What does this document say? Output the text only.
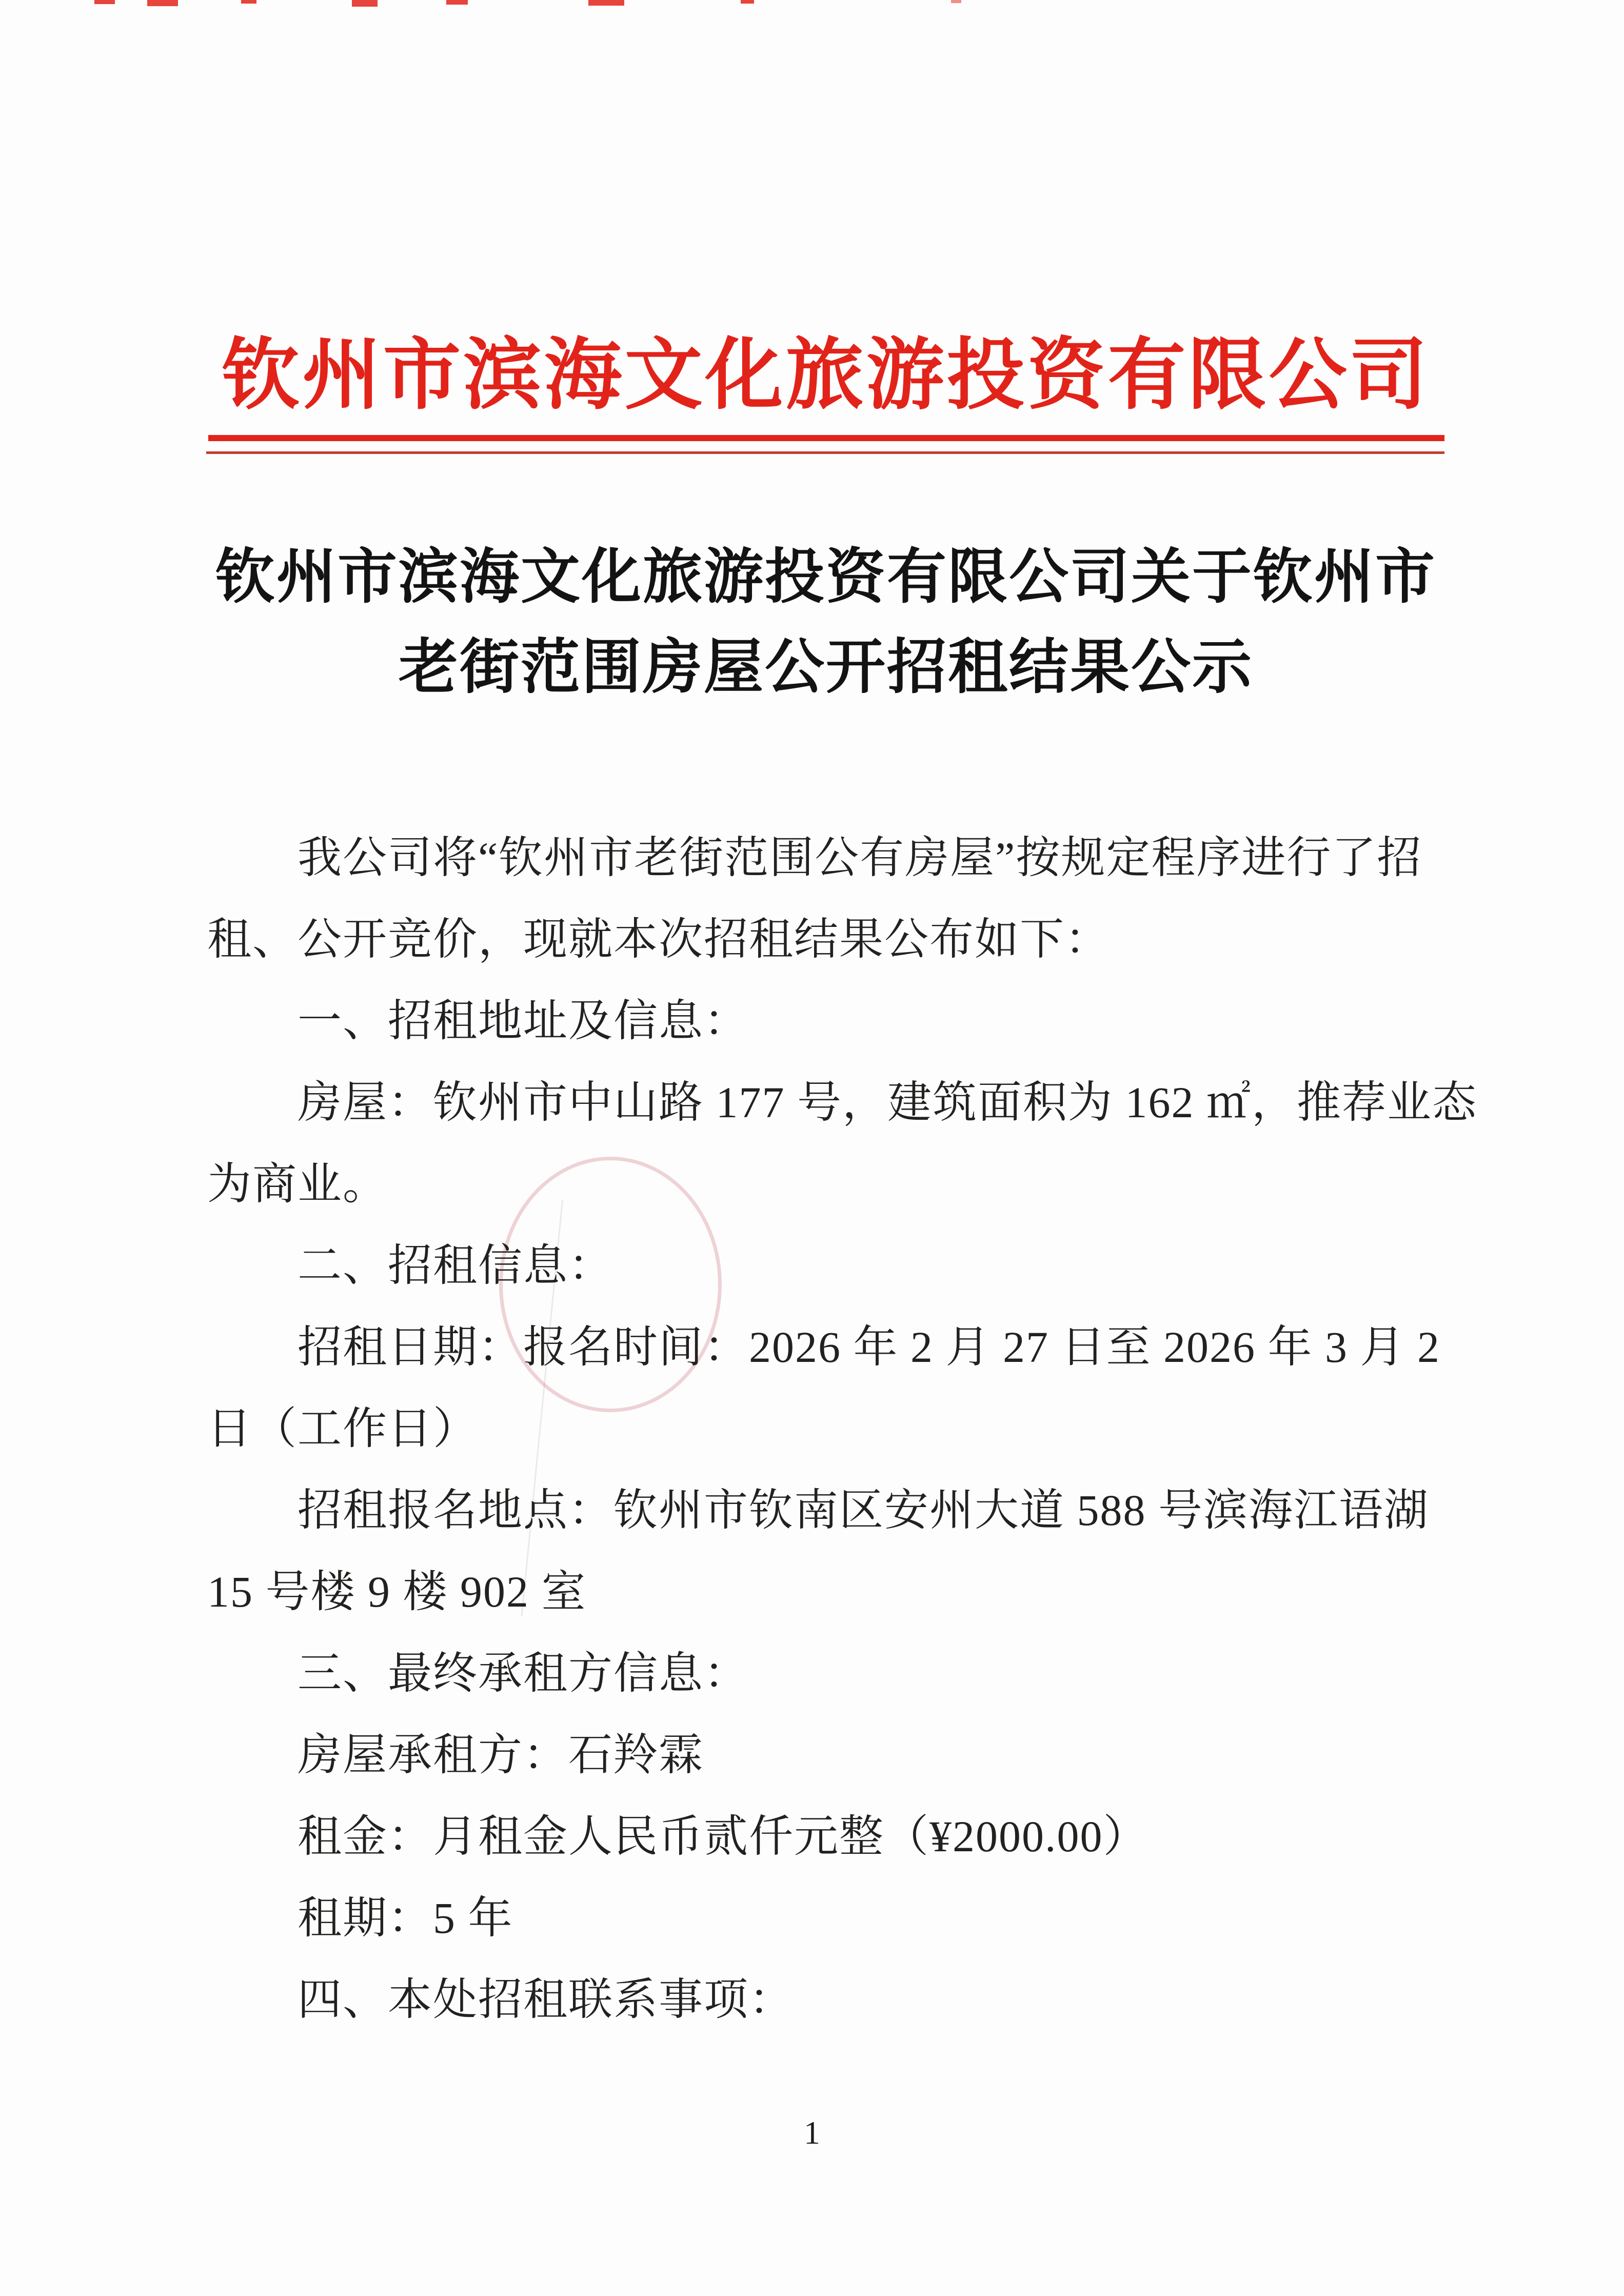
钦州市滨海文化旅游投资有限公司
钦州市滨海文化旅游投资有限公司关于钦州市
老街范围房屋公开招租结果公示
我公司将“钦州市老街范围公有房屋”按规定程序进行了招
租、公开竞价，现就本次招租结果公布如下：
一、招租地址及信息：
房屋：钦州市中山路 177 号，建筑面积为 162 ㎡，推荐业态
为商业。
二、招租信息：
招租日期：报名时间：2026 年 2 月 27 日至 2026 年 3 月 2
日（工作日）
招租报名地点：钦州市钦南区安州大道 588 号滨海江语湖
15 号楼 9 楼 902 室
三、最终承租方信息：
房屋承租方：石羚霖
租金：月租金人民币贰仟元整（¥2000.00）
租期：5 年
四、本处招租联系事项：
1
